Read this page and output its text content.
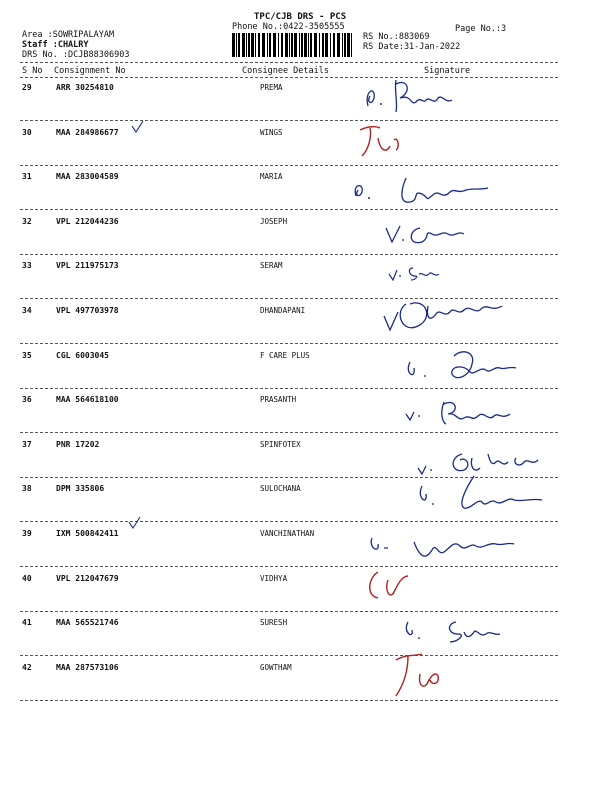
TPC/CJB DRS - PCS
Phone No.:0422-3505555
Area :SOWRIPALAYAM
Staff :CHALRY
DRS No. :DCJB88306903
RS No.:883069
RS Date:31-Jan-2022
Page No.:3
S No Consignment No	Consignee Details	Signature
29	ARR 30254810	PREMA
30	MAA 284986677	WINGS
31	MAA 283004589	MARIA
32	VPL 212044236	JOSEPH
33	VPL 211975173	SERAM
34	VPL 497703978	DHANDAPANI
35	CGL 6003045	F CARE PLUS
36	MAA 564618100	PRASANTH
37	PNR 17202	SPINFOTEX
38	DPM 335806	SULOCHANA
39	IXM 500842411	VANCHINATHAN
40	VPL 212047679	VIDHYA
41	MAA 565521746	SURESH
42	MAA 287573106	GOWTHAM
